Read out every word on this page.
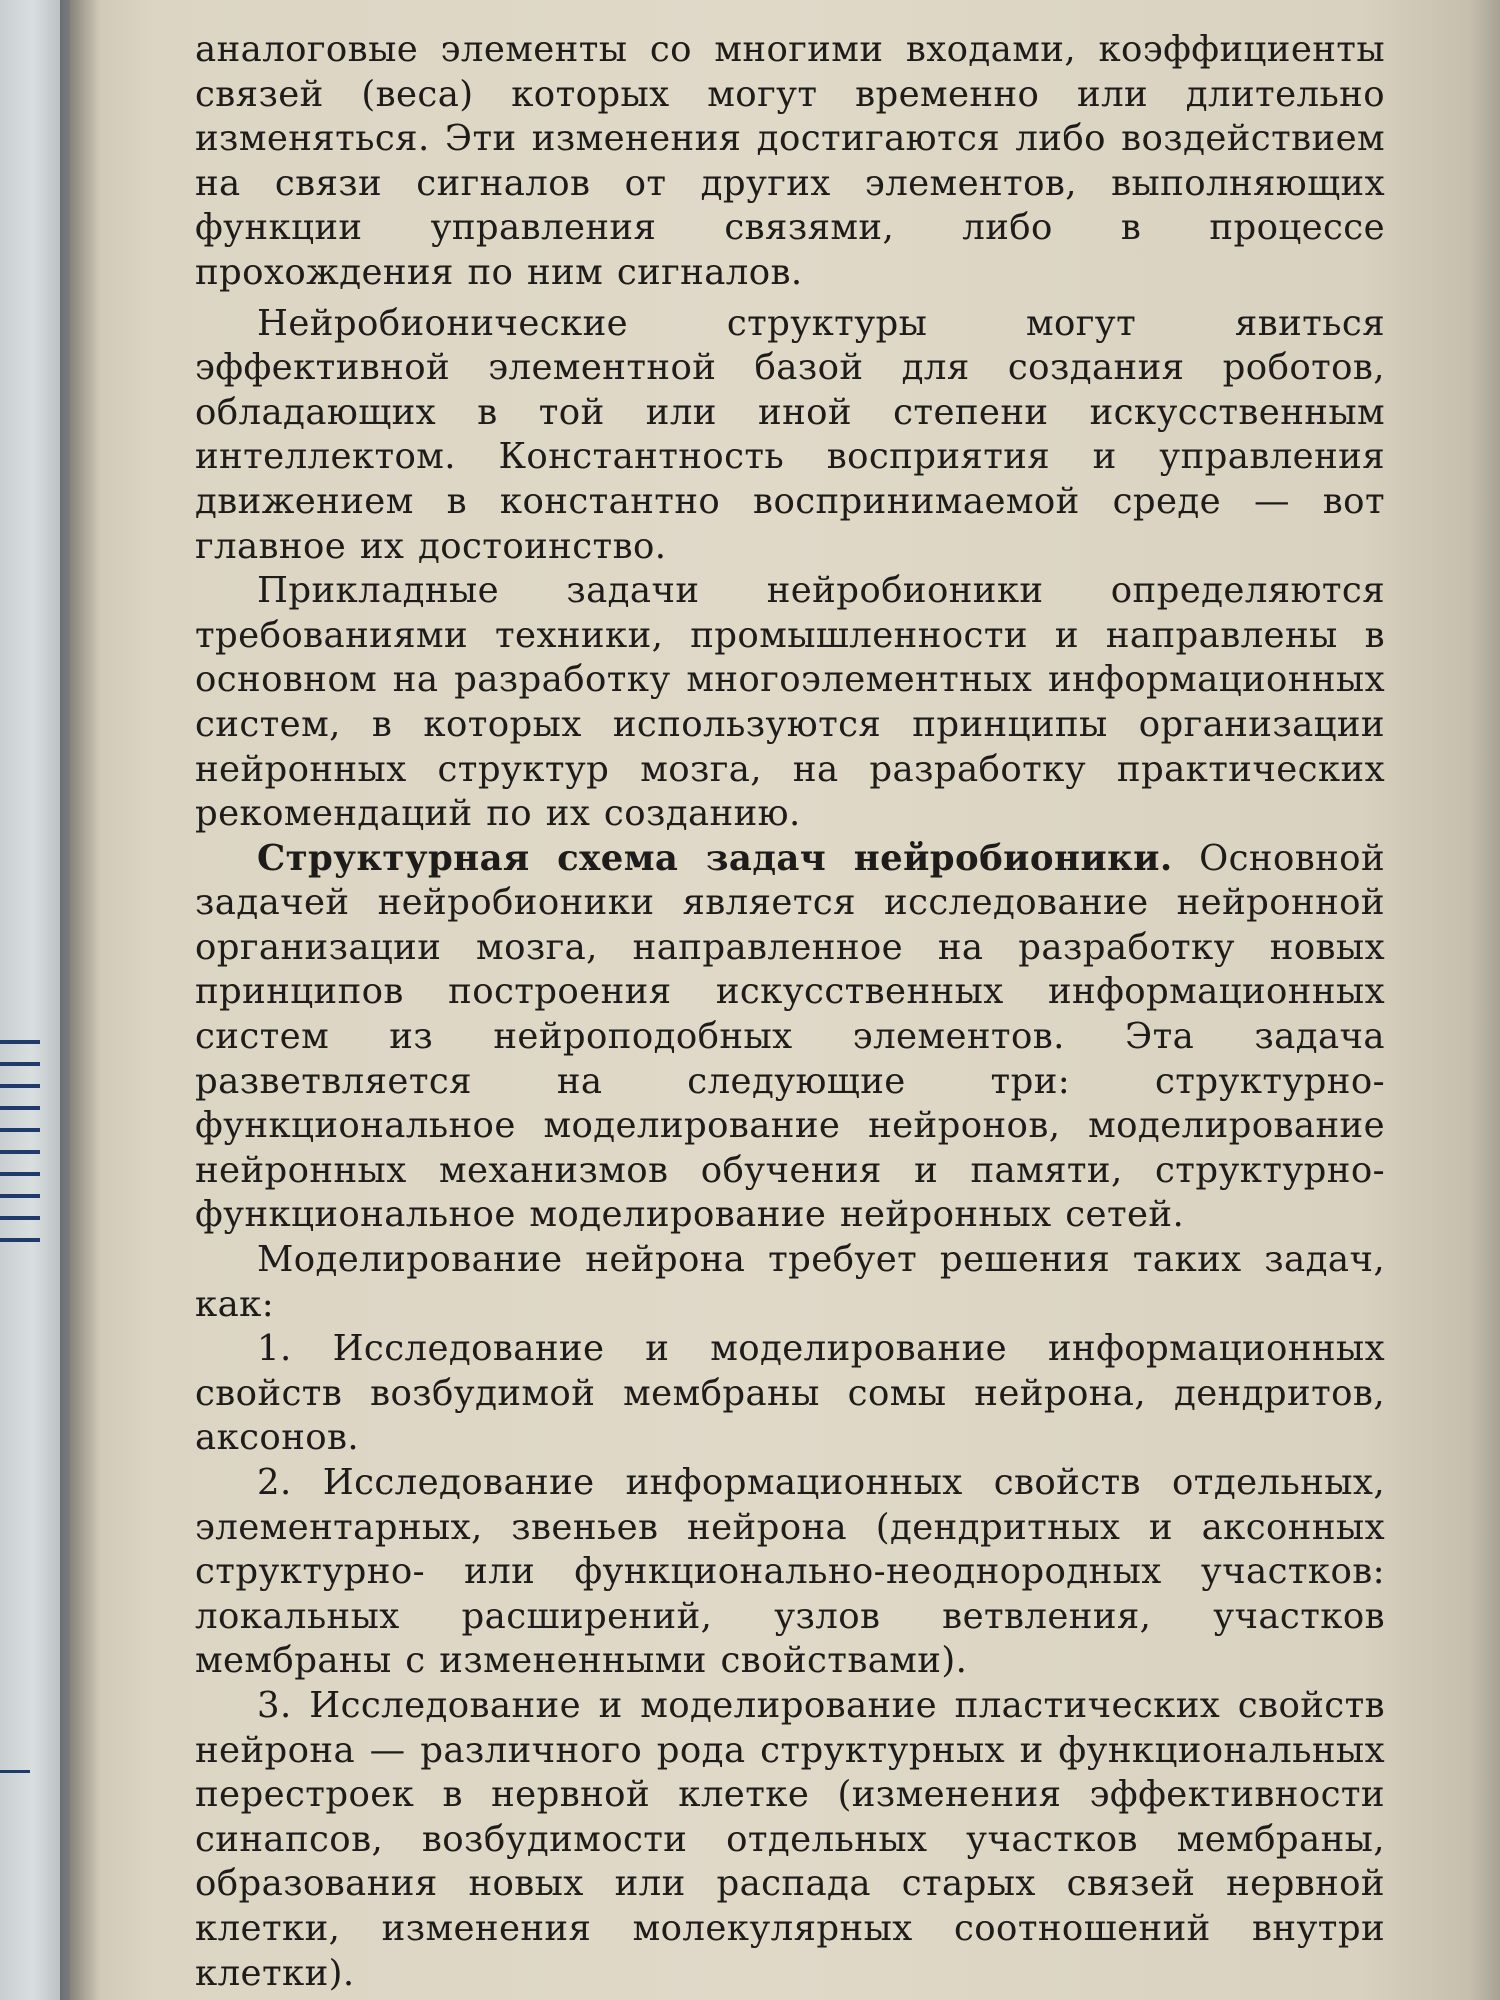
аналоговые элементы со многими входами, коэффициенты связей (веса) которых могут временно или длительно изменяться. Эти изменения достигаются либо воздействием на связи сигналов от других элементов, выполняющих функции управления связями, либо в процессе прохождения по ним сигналов.

Нейробионические структуры могут явиться эффективной элементной базой для создания роботов, обладающих в той или иной степени искусственным интеллектом. Константность восприятия и управления движением в константно воспринимаемой среде — вот главное их достоинство.

Прикладные задачи нейробионики определяются требованиями техники, промышленности и направлены в основном на разработку многоэлементных информационных систем, в которых используются принципы организации нейронных структур мозга, на разработку практических рекомендаций по их созданию.

Структурная схема задач нейробионики. Основной задачей нейробионики является исследование нейронной организации мозга, направленное на разработку новых принципов построения искусственных информационных систем из нейроподобных элементов. Эта задача разветвляется на следующие три: структурно-функциональное моделирование нейронов, моделирование нейронных механизмов обучения и памяти, структурно-функциональное моделирование нейронных сетей.

Моделирование нейрона требует решения таких задач, как:

1. Исследование и моделирование информационных свойств возбудимой мембраны сомы нейрона, дендритов, аксонов.

2. Исследование информационных свойств отдельных, элементарных, звеньев нейрона (дендритных и аксонных структурно- или функционально-неоднородных участков: локальных расширений, узлов ветвления, участков мембраны с измененными свойствами).

3. Исследование и моделирование пластических свойств нейрона — различного рода структурных и функциональных перестроек в нервной клетке (изменения эффективности синапсов, возбудимости отдельных участков мембраны, образования новых или распада старых связей нервной клетки, изменения молекулярных соотношений внутри клетки).
